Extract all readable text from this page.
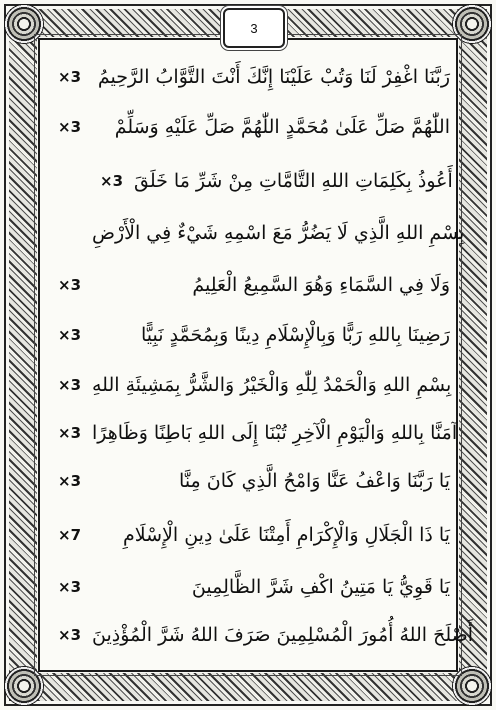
3
×3 رَبَّنَا اغْفِرْ لَنَا وَتُبْ عَلَيْنَا إِنَّكَ أَنْتَ التَّوَّابُ الرَّحِيمُ
×3	اللّٰهُمَّ صَلِّ عَلَىٰ مُحَمَّدٍ اللّٰهُمَّ صَلِّ عَلَيْهِ وَسَلِّمْ
×3 أَعُوذُ بِكَلِمَاتِ اللهِ التَّامَّاتِ مِنْ شَرِّ مَا خَلَقَ
بِسْمِ اللهِ الَّذِي لَا يَضُرُّ مَعَ اسْمِهِ شَيْءٌ فِي الْأَرْضِ
×3	وَلَا فِي السَّمَاءِ وَهُوَ السَّمِيعُ الْعَلِيمُ
×3	رَضِينَا بِاللهِ رَبًّا وَبِالْإِسْلَامِ دِينًا وَبِمُحَمَّدٍ نَبِيًّا
×3 بِسْمِ اللهِ وَالْحَمْدُ لِلّٰهِ وَالْخَيْرُ وَالشَّرُّ بِمَشِيئَةِ اللهِ
×3 آمَنَّا بِاللهِ وَالْيَوْمِ الْآخِرِ تُبْنَا إِلَى اللهِ بَاطِنًا وَظَاهِرًا
×3	يَا رَبَّنَا وَاعْفُ عَنَّا وَامْحُ الَّذِي كَانَ مِنَّا
×7	يَا ذَا الْجَلَالِ وَالْإِكْرَامِ أَمِتْنَا عَلَىٰ دِينِ الْإِسْلَامِ
×3	يَا قَوِيُّ يَا مَتِينُ اكْفِ شَرَّ الظَّالِمِينَ
×3 أَصْلَحَ اللهُ أُمُورَ الْمُسْلِمِينَ صَرَفَ اللهُ شَرَّ الْمُؤْذِينَ
